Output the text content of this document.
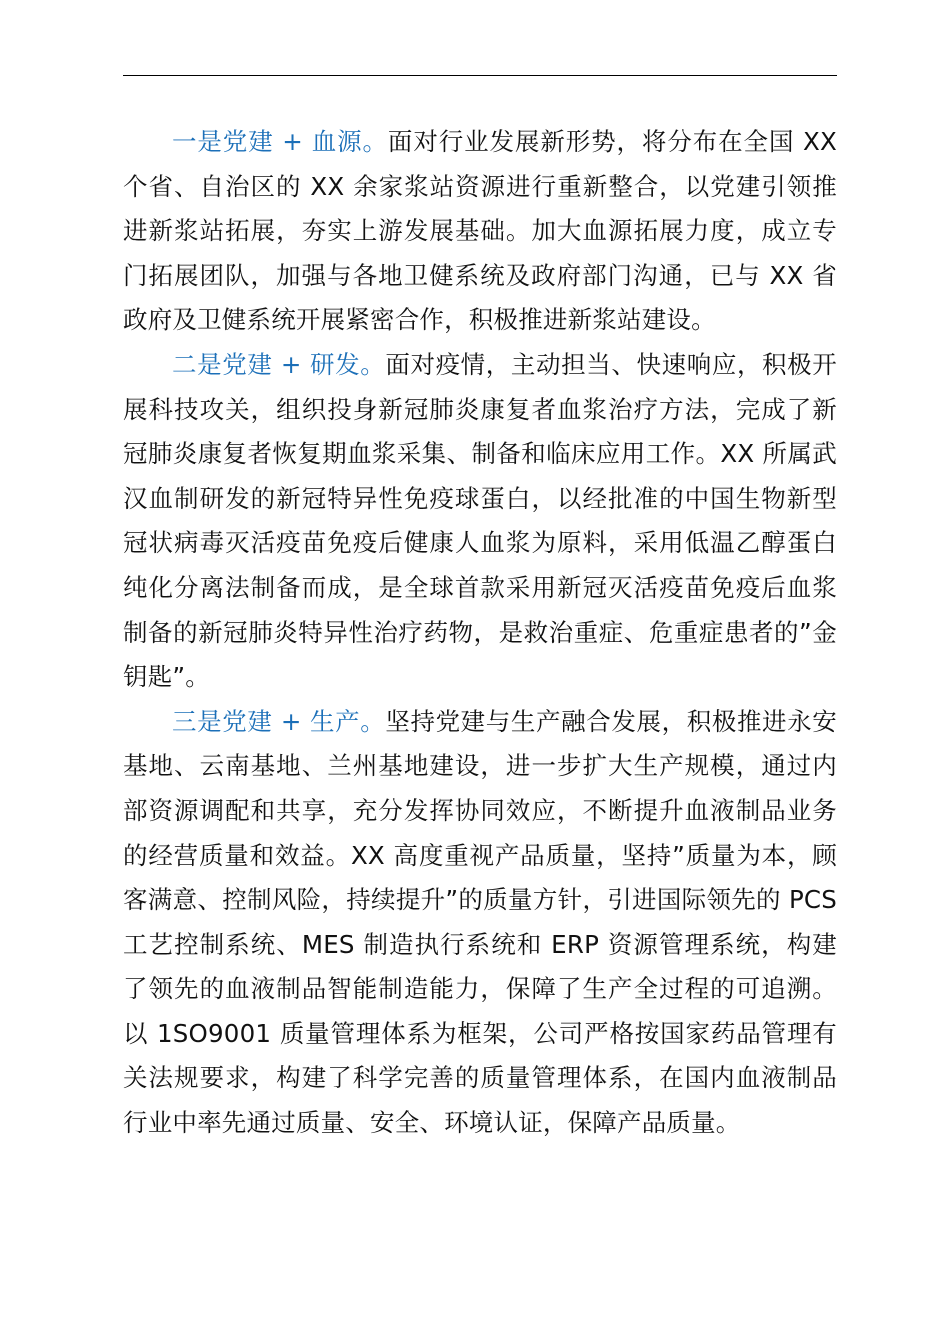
一是党建 + 血源。面对行业发展新形势，将分布在全国 XX 个省、自治区的 XX 余家浆站资源进行重新整合，以党建引领推进新浆站拓展，夯实上游发展基础。加大血源拓展力度，成立专门拓展团队，加强与各地卫健系统及政府部门沟通，已与 XX 省政府及卫健系统开展紧密合作，积极推进新浆站建设。

二是党建 + 研发。面对疫情，主动担当、快速响应，积极开展科技攻关，组织投身新冠肺炎康复者血浆治疗方法，完成了新冠肺炎康复者恢复期血浆采集、制备和临床应用工作。XX 所属武汉血制研发的新冠特异性免疫球蛋白，以经批准的中国生物新型冠状病毒灭活疫苗免疫后健康人血浆为原料，采用低温乙醇蛋白纯化分离法制备而成，是全球首款采用新冠灭活疫苗免疫后血浆制备的新冠肺炎特异性治疗药物，是救治重症、危重症患者的”金钥匙”。

三是党建 + 生产。坚持党建与生产融合发展，积极推进永安基地、云南基地、兰州基地建设，进一步扩大生产规模，通过内部资源调配和共享，充分发挥协同效应，不断提升血液制品业务的经营质量和效益。XX 高度重视产品质量，坚持”质量为本，顾客满意、控制风险，持续提升”的质量方针，引进国际领先的 PCS 工艺控制系统、MES 制造执行系统和 ERP 资源管理系统，构建了领先的血液制品智能制造能力，保障了生产全过程的可追溯。以 1SO9001 质量管理体系为框架，公司严格按国家药品管理有关法规要求，构建了科学完善的质量管理体系，在国内血液制品行业中率先通过质量、安全、环境认证，保障产品质量。
